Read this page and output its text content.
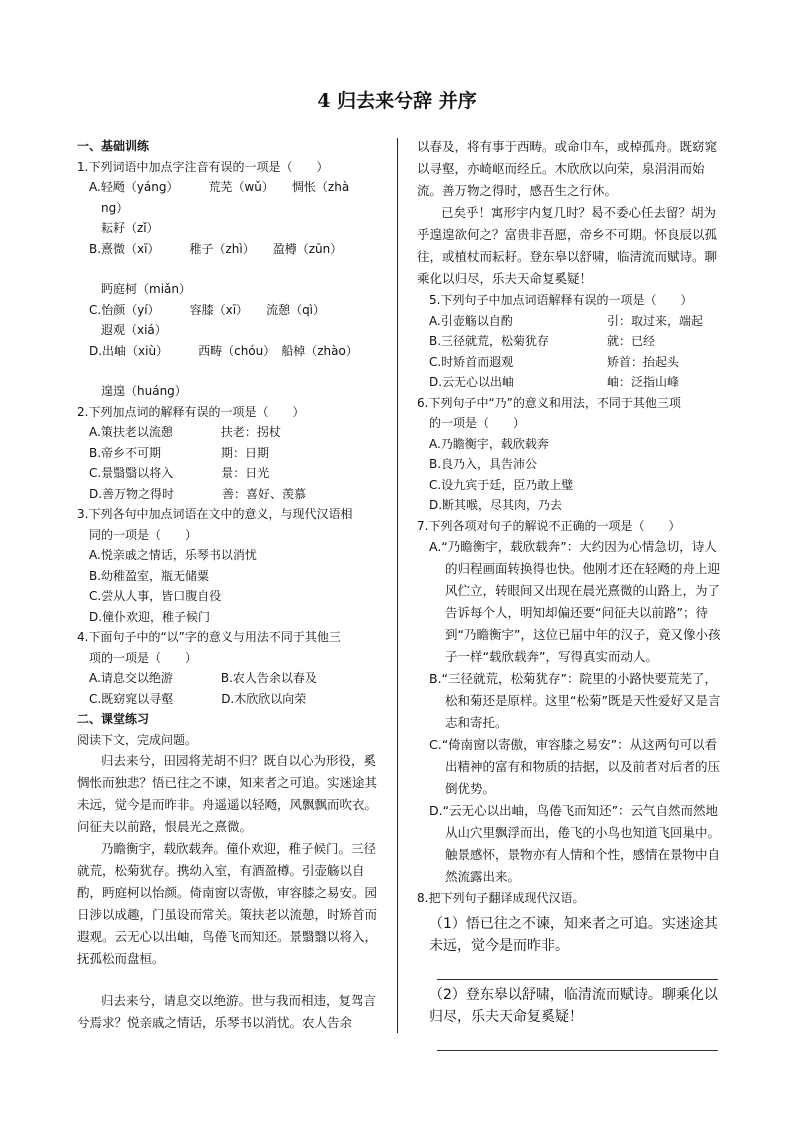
4 归去来兮辞 并序
一、基础训练
1.下列词语中加点字注音有误的一项是（　　）
A.轻飏（yáng）　　　荒芜（wǔ）　　惆怅（zhà
ng）
耘耔（zǐ）
B.熹微（xī）　　　稚子（zhì）　　盈樽（zūn）
眄庭柯（miǎn）
C.怡颜（yí）　　　容膝（xī）　　流憩（qì）
遐观（xiá）
D.出岫（xiù）　　　西畴（chóu）　船棹（zhào）
遑遑（huáng）
2.下列加点词的解释有误的一项是（　　）
A.策扶老以流憩　　　　扶老：拐杖
B.帝乡不可期　　　　　期：日期
C.景翳翳以将入　　　　景：日光
D.善万物之得时　　　　善：喜好、羡慕
3.下列各句中加点词语在文中的意义，与现代汉语相
同的一项是（　　）
A.悦亲戚之情话，乐琴书以消忧
B.幼稚盈室，瓶无储粟
C.尝从人事，皆口腹自役
D.僮仆欢迎，稚子候门
4.下面句子中的“以”字的意义与用法不同于其他三
项的一项是（　　）
A.请息交以绝游　　　　B.农人告余以春及
C.既窈窕以寻壑　　　　D.木欣欣以向荣
二、课堂练习
阅读下文，完成问题。
归去来兮，田园将芜胡不归？既自以心为形役，奚惆怅而独悲？悟已往之不谏，知来者之可追。实迷途其未远，觉今是而昨非。舟遥遥以轻飏，风飘飘而吹衣。问征夫以前路，恨晨光之熹微。
乃瞻衡宇，载欣载奔。僮仆欢迎，稚子候门。三径就荒，松菊犹存。携幼入室，有酒盈樽。引壶觞以自酌，眄庭柯以怡颜。倚南窗以寄傲，审容膝之易安。园日涉以成趣，门虽设而常关。策扶老以流憩，时矫首而遐观。云无心以出岫，鸟倦飞而知还。景翳翳以将入，抚孤松而盘桓。
归去来兮，请息交以绝游。世与我而相违，复驾言兮焉求？悦亲戚之情话，乐琴书以消忧。农人告余
以春及，将有事于西畴。或命巾车，或棹孤舟。既窈窕以寻壑，亦崎岖而经丘。木欣欣以向荣，泉涓涓而始流。善万物之得时，感吾生之行休。
已矣乎！寓形宇内复几时？曷不委心任去留？胡为乎遑遑欲何之？富贵非吾愿，帝乡不可期。怀良辰以孤往，或植杖而耘耔。登东皋以舒啸，临清流而赋诗。聊乘化以归尽，乐夫天命复奚疑！
　5.下列句子中加点词语解释有误的一项是（　　）
A.引壶觞以自酌	引：取过来，端起
B.三径就荒，松菊犹存	就：已经
C.时矫首而遐观	矫首：抬起头
D.云无心以出岫	岫：泛指山峰
6.下列句子中“乃”的意义和用法，不同于其他三项
的一项是（　　）
A.乃瞻衡宇，载欣载奔
B.良乃入，具告沛公
C.设九宾于廷，臣乃敢上璧
D.断其喉，尽其肉，乃去
7.下列各项对句子的解说不正确的一项是（　　）
A.“乃瞻衡宇，载欣载奔”：大约因为心情急切，诗人的归程画面转换得也快。他刚才还在轻飏的舟上迎风伫立，转眼间又出现在晨光熹微的山路上，为了告诉每个人，明知却偏还要“问征夫以前路”；待到“乃瞻衡宇”，这位已届中年的汉子，竟又像小孩子一样“载欣载奔”，写得真实而动人。
B.“三径就荒，松菊犹存”：院里的小路快要荒芜了，松和菊还是原样。这里“松菊”既是天性爱好又是言志和寄托。
C.“倚南窗以寄傲，审容膝之易安”：从这两句可以看出精神的富有和物质的拮据，以及前者对后者的压倒优势。
D.“云无心以出岫，鸟倦飞而知还”：云气自然而然地从山穴里飘浮而出，倦飞的小鸟也知道飞回巢中。触景感怀，景物亦有人情和个性，感情在景物中自然流露出来。
8.把下列句子翻译成现代汉语。
（1）悟已往之不谏，知来者之可追。实迷途其未远，觉今是而昨非。
（2）登东皋以舒啸，临清流而赋诗。聊乘化以归尽，乐夫天命复奚疑！
